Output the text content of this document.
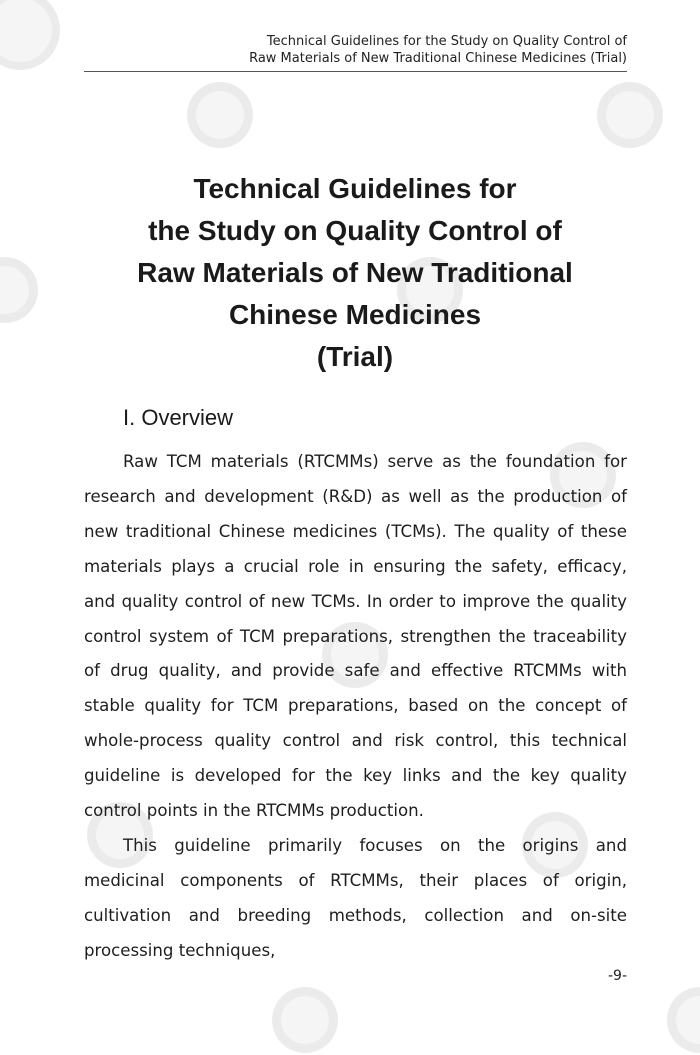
Technical Guidelines for the Study on Quality Control of
Raw Materials of New Traditional Chinese Medicines (Trial)
Technical Guidelines for
the Study on Quality Control of
Raw Materials of New Traditional
Chinese Medicines
(Trial)
I. Overview

Raw TCM materials (RTCMMs) serve as the foundation for research and development (R&D) as well as the production of new traditional Chinese medicines (TCMs). The quality of these materials plays a crucial role in ensuring the safety, efficacy, and quality control of new TCMs. In order to improve the quality control system of TCM preparations, strengthen the traceability of drug quality, and provide safe and effective RTCMMs with stable quality for TCM preparations, based on the concept of whole-process quality control and risk control, this technical guideline is developed for the key links and the key quality control points in the RTCMMs production.

This guideline primarily focuses on the origins and medicinal components of RTCMMs, their places of origin, cultivation and breeding methods, collection and on-site processing techniques,

-9-
